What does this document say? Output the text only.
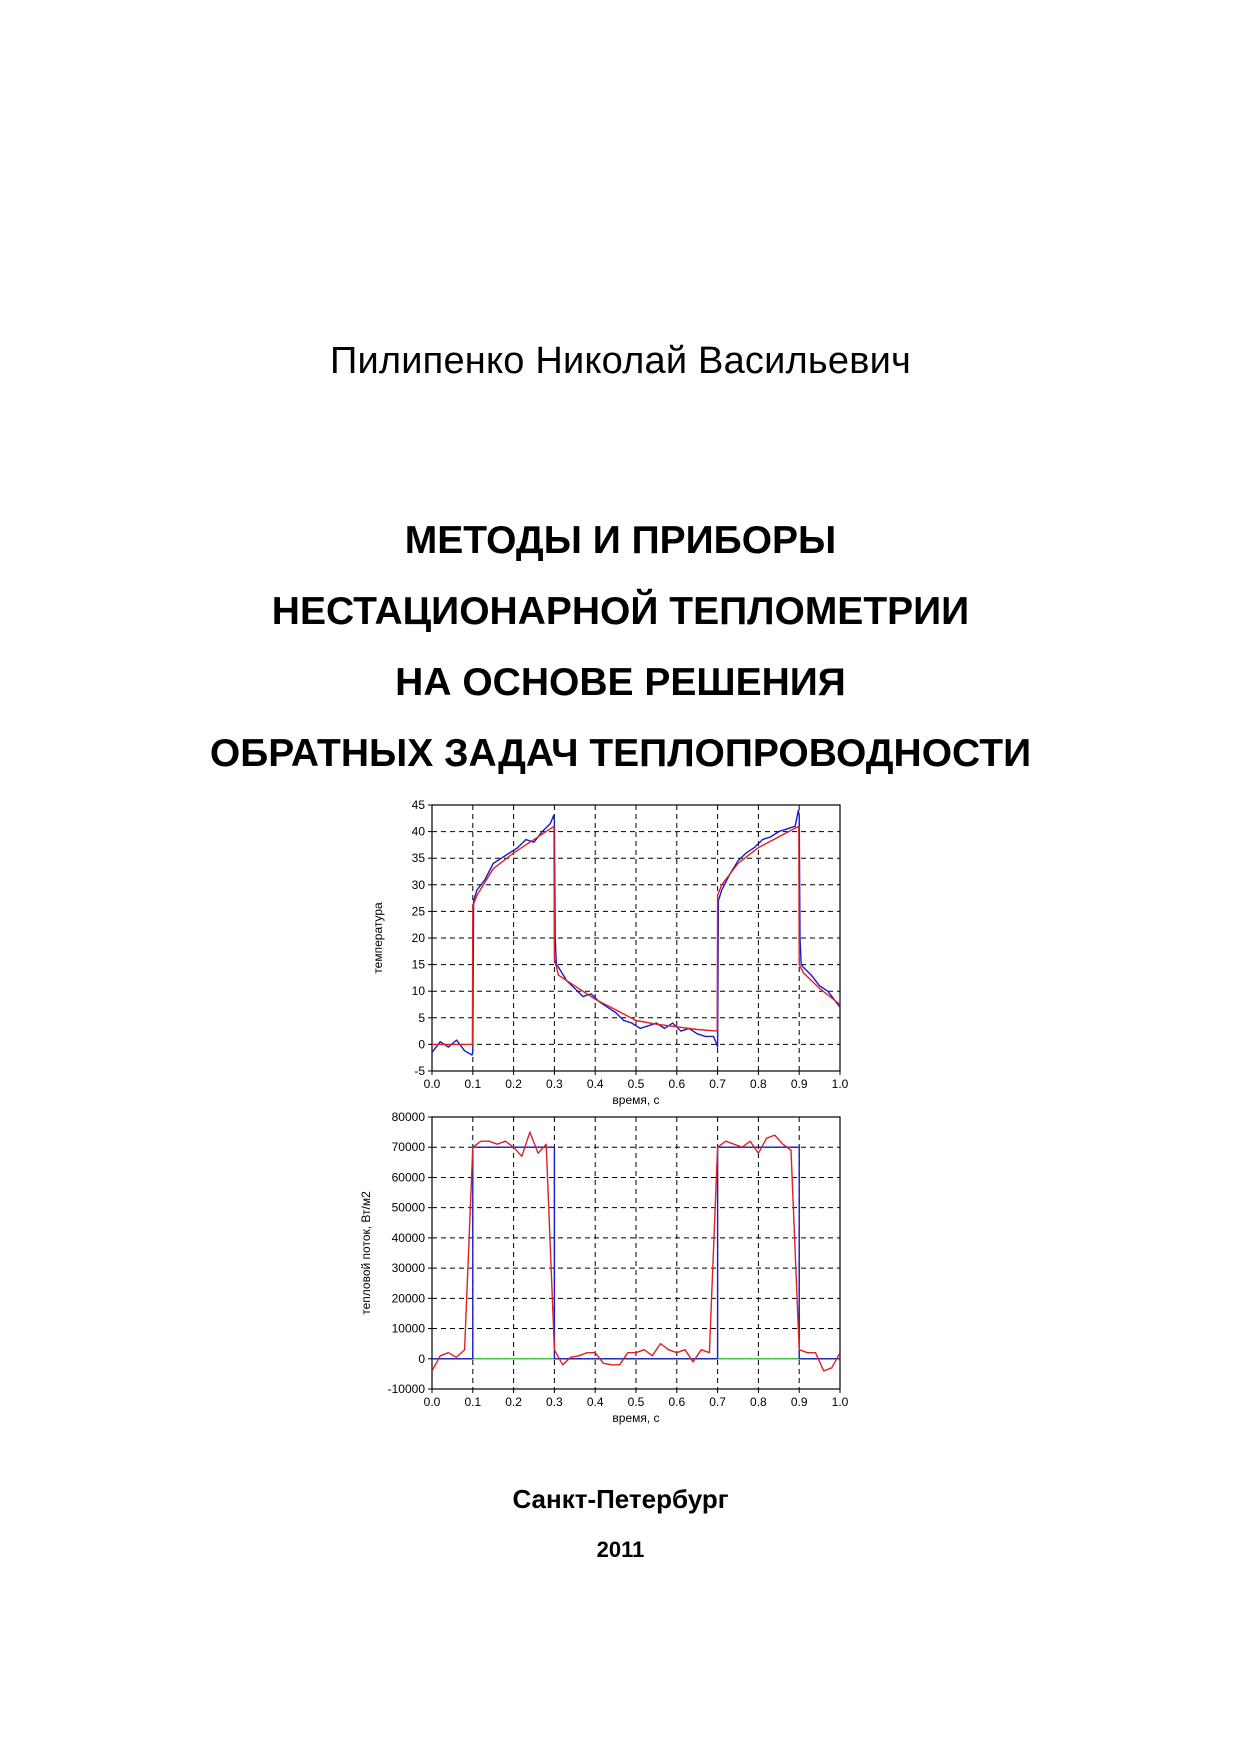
Пилипенко Николай Васильевич
МЕТОДЫ И ПРИБОРЫ
НЕСТАЦИОНАРНОЙ ТЕПЛОМЕТРИИ
НА ОСНОВЕ РЕШЕНИЯ
ОБРАТНЫХ ЗАДАЧ ТЕПЛОПРОВОДНОСТИ
0.0 0.1 0.2 0.3 0.4 0.5 0.6 0.7 0.8 0.9 1.0
-5
0
5
10
15
20
25
30
35
40
45
время, с
температура
0.0 0.1 0.2 0.3 0.4 0.5 0.6 0.7 0.8 0.9 1.0
-10000
0
10000
20000
30000
40000
50000
60000
70000
80000
время, с
тепловой поток, Вт/м2
Санкт-Петербург
2011
